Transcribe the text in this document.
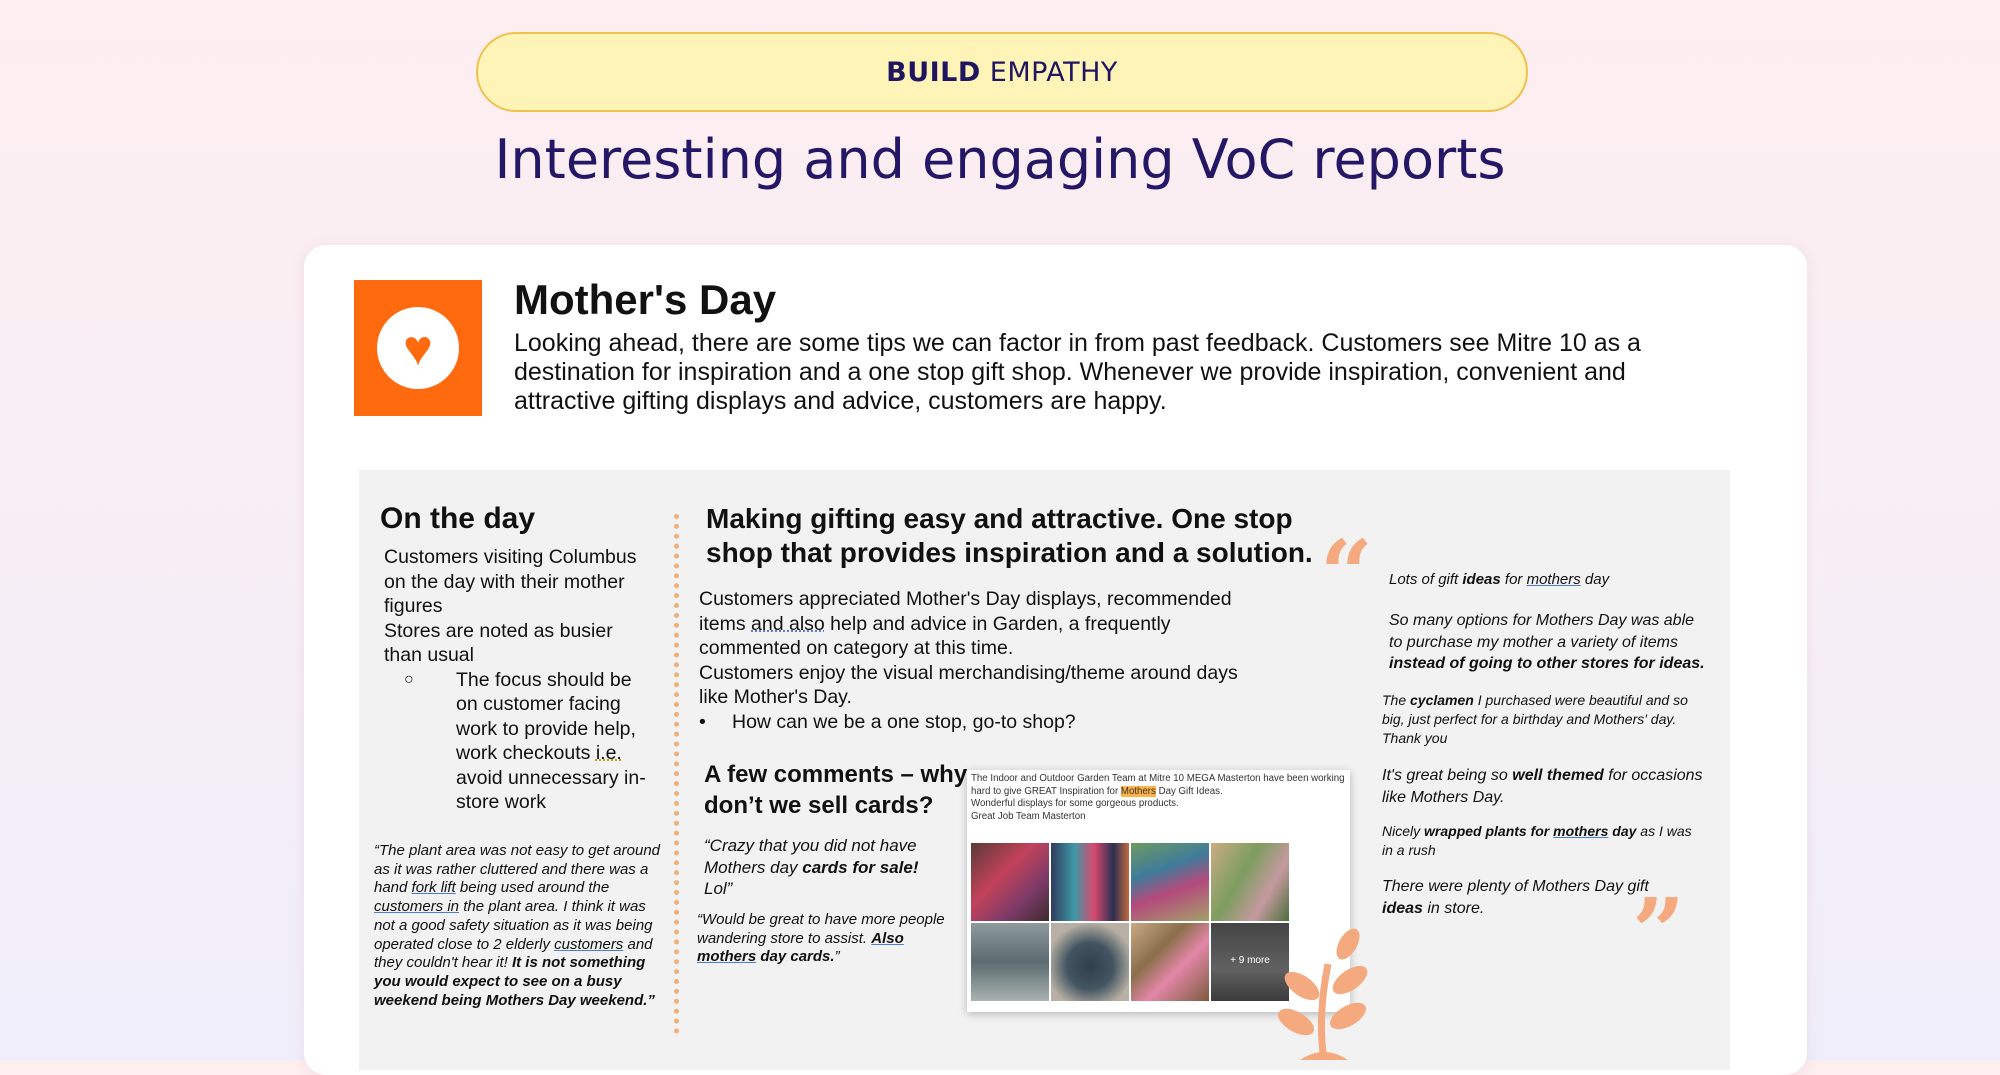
BUILD EMPATHY
Interesting and engaging VoC reports
♥
Mother's Day
Looking ahead, there are some tips we can factor in from past feedback. Customers see Mitre 10 as a destination for inspiration and a one stop gift shop. Whenever we provide inspiration, convenient and attractive gifting displays and advice, customers are happy.
On the day

Customers visiting Columbus on the day with their mother figures

Stores are noted as busier than usual

○	The focus should be on customer facing work to provide help, work checkouts i.e. avoid unnecessary in-store work
“The plant area was not easy to get around as it was rather cluttered and there was a hand fork lift being used around the customers in the plant area. I think it was not a good safety situation as it was being operated close to 2 elderly customers and they couldn't hear it! It is not something you would expect to see on a busy weekend being Mothers Day weekend.”
Making gifting easy and attractive. One stop shop that provides inspiration and a solution.

Customers appreciated Mother's Day displays, recommended items and also help and advice in Garden, a frequently commented on category at this time.

Customers enjoy the visual merchandising/theme around days like Mother's Day.

•	How can we be a one stop, go-to shop?
A few comments – why don’t we sell cards?
“Crazy that you did not have Mothers day cards for sale! Lol”
“Would be great to have more people wandering store to assist. Also mothers day cards.”

The Indoor and Outdoor Garden Team at Mitre 10 MEGA Masterton have been working hard to give GREAT Inspiration for Mothers Day Gift Ideas.

Wonderful displays for some gorgeous products.

Great Job Team Masterton

+ 9 more
“ Lots of gift ideas for mothers day
So many options for Mothers Day was able to purchase my mother a variety of items instead of going to other stores for ideas.
The cyclamen I purchased were beautiful and so big, just perfect for a birthday and Mothers' day. Thank you
It's great being so well themed for occasions like Mothers Day.
Nicely wrapped plants for mothers day as I was in a rush
There were plenty of Mothers Day gift ideas in store.	”
